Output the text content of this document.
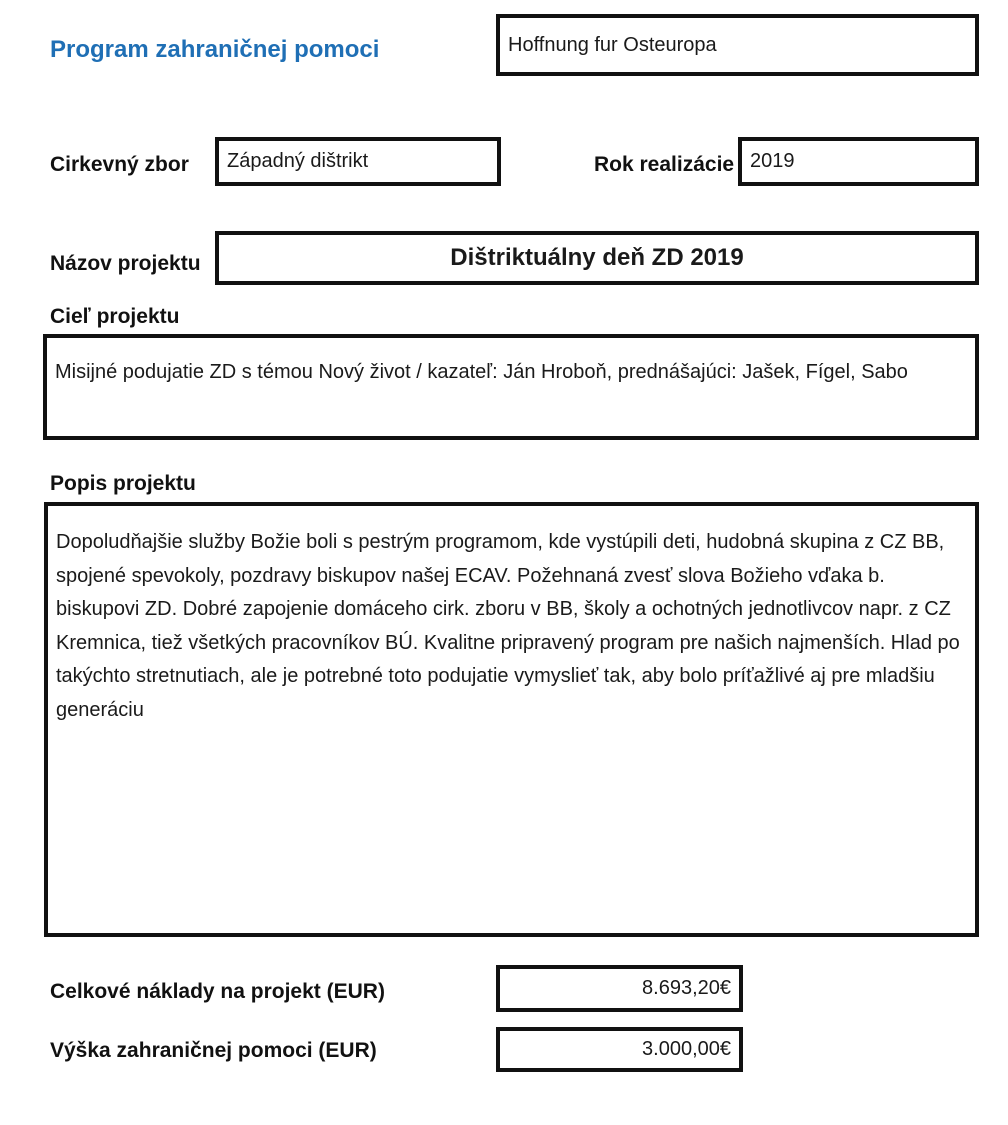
Program zahraničnej pomoci	Hoffnung fur Osteuropa
Cirkevný zbor	Západný dištrikt	Rok realizácie 2019
Názov projektu	Dištriktuálny deň ZD 2019
Cieľ projektu
Misijné podujatie ZD s témou Nový život / kazateľ: Ján Hroboň, prednášajúci: Jašek, Fígel, Sabo
Popis projektu
Dopoludňajšie služby Božie boli s pestrým programom, kde vystúpili deti, hudobná skupina z CZ BB, spojené spevokoly, pozdravy biskupov našej ECAV. Požehnaná zvesť slova Božieho vďaka b. biskupovi ZD. Dobré zapojenie domáceho cirk. zboru v BB, školy a ochotných jednotlivcov napr. z CZ Kremnica, tiež všetkých pracovníkov BÚ. Kvalitne pripravený program pre našich najmenších. Hlad po takýchto stretnutiach, ale je potrebné toto podujatie vymyslieť tak, aby bolo príťažlivé aj pre mladšiu generáciu
Celkové náklady na projekt (EUR)	8.693,20€
Výška zahraničnej pomoci (EUR)	3.000,00€
